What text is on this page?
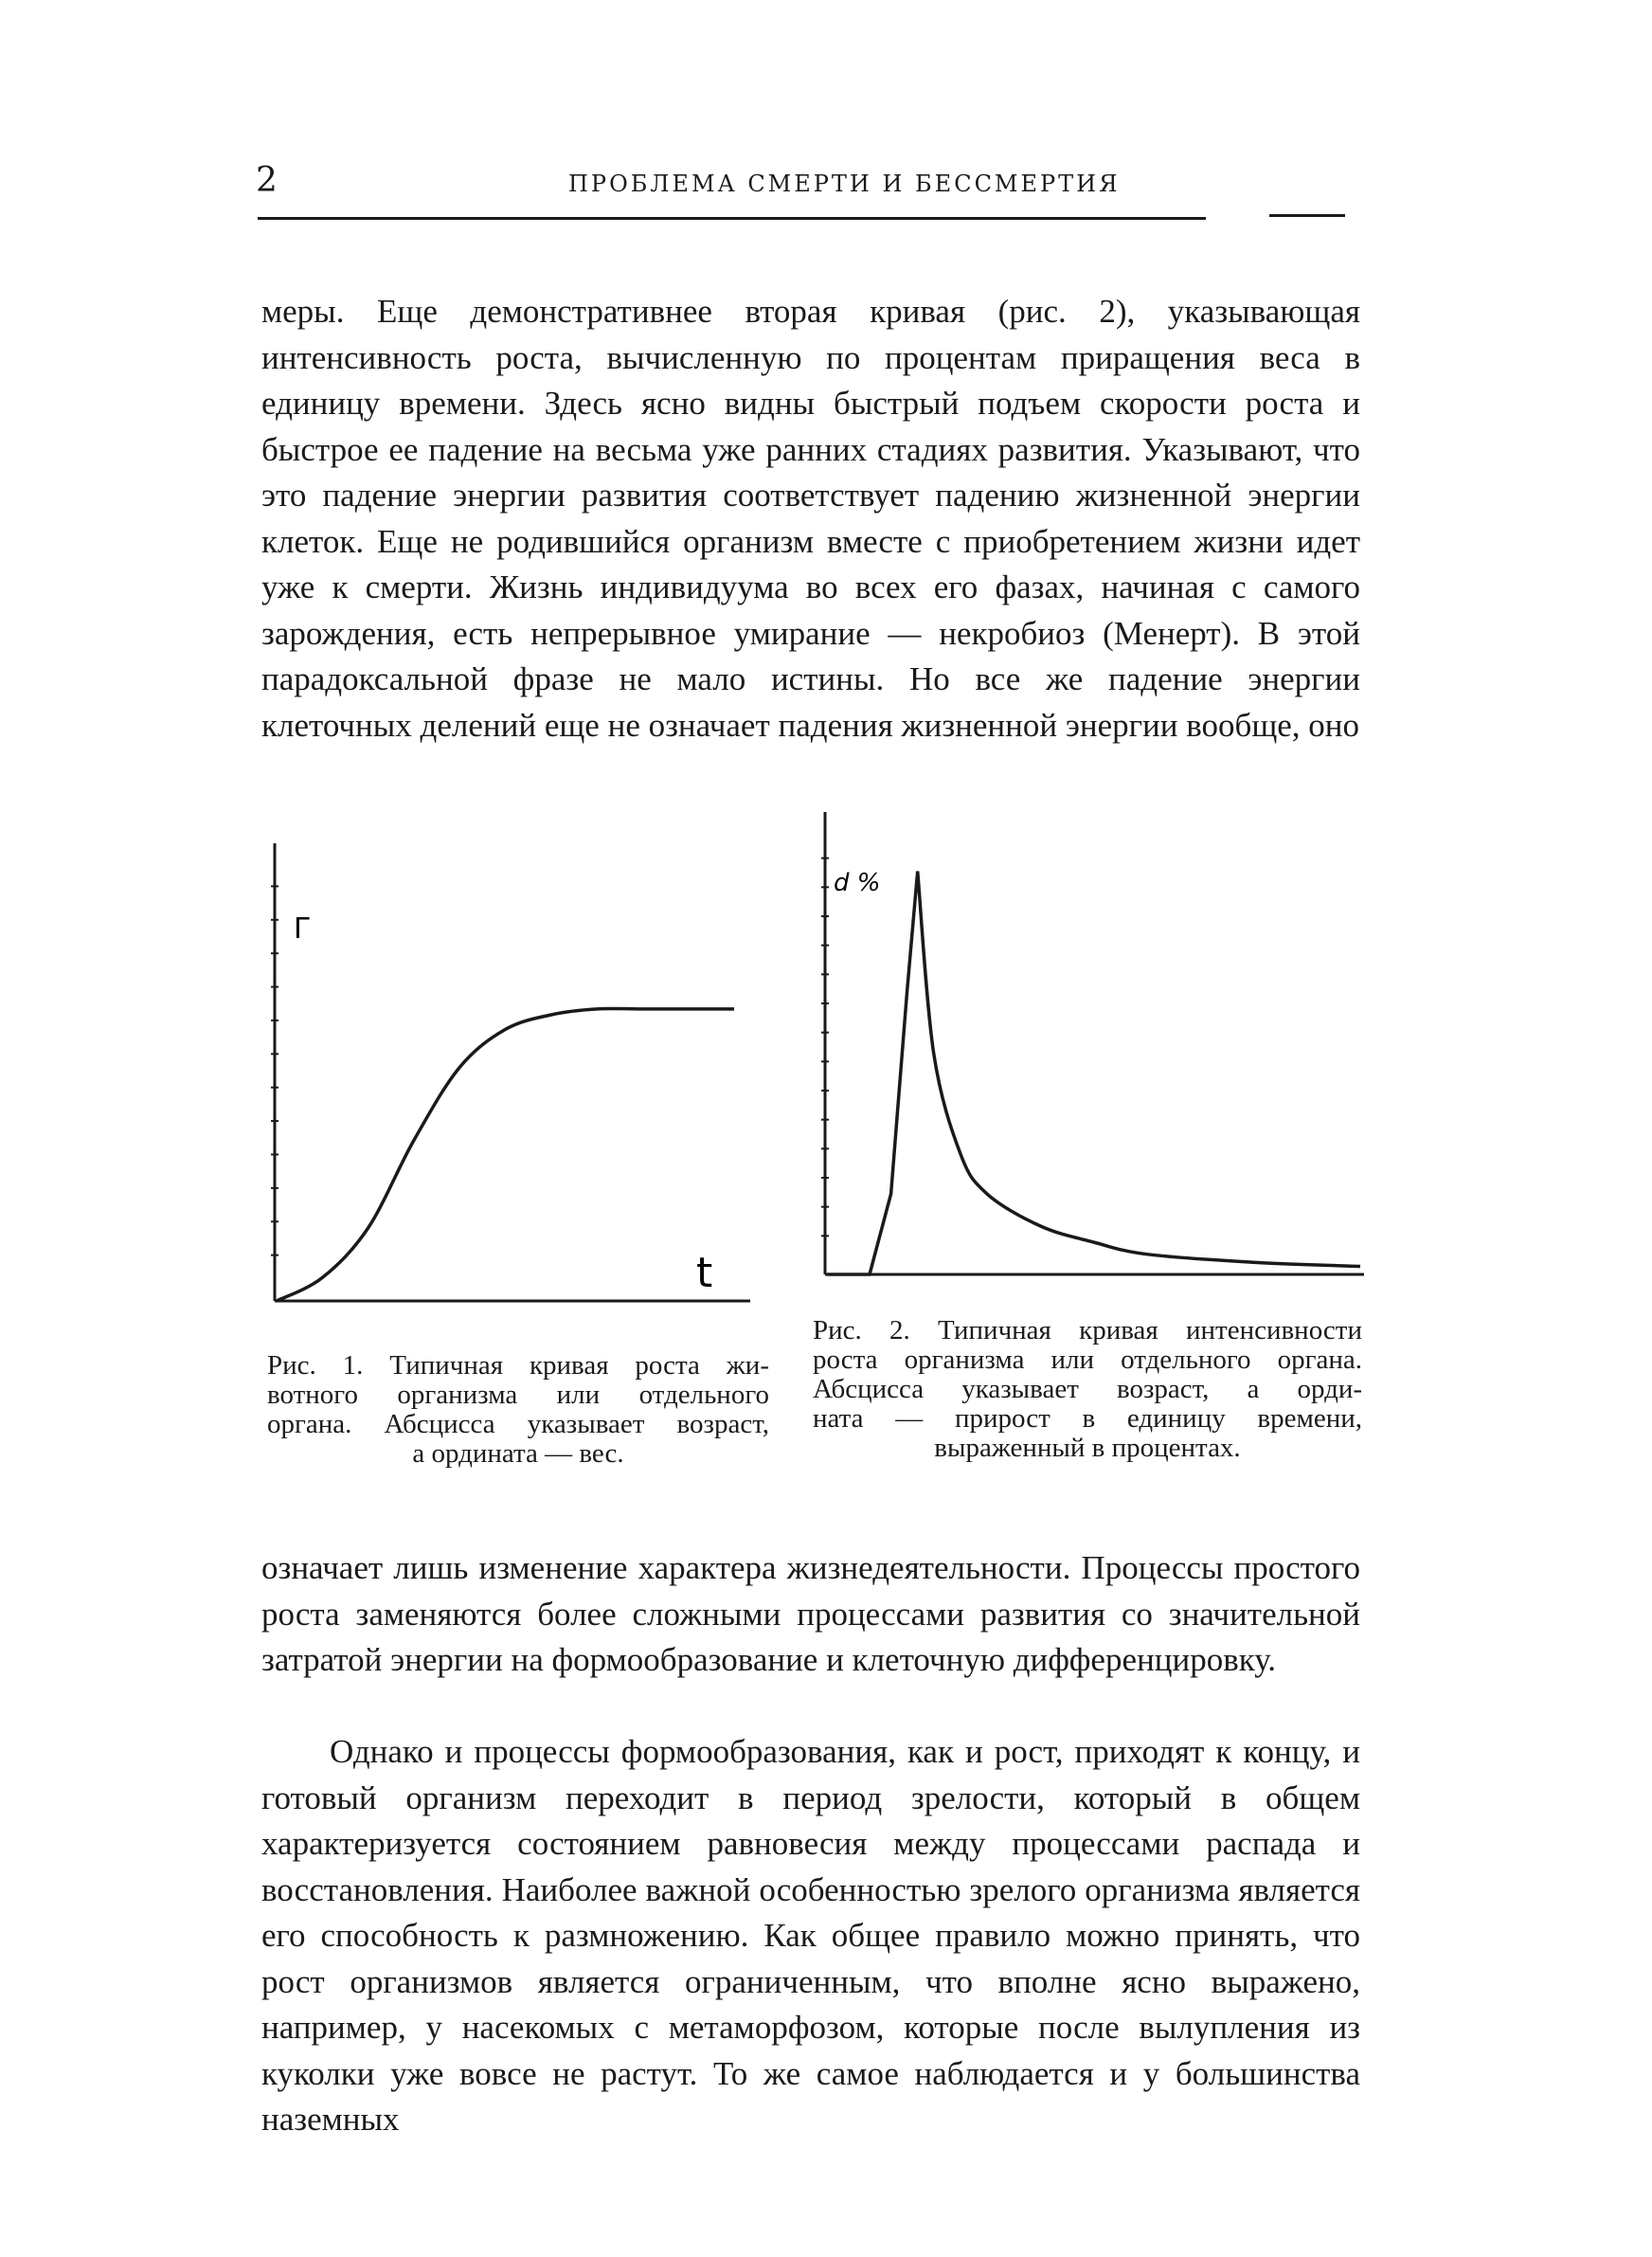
2	ПРОБЛЕМА СМЕРТИ И БЕССМЕРТИЯ

меры. Еще демонстративнее вторая кривая (рис. 2), указывающая интенсивность роста, вычисленную по процентам приращения веса в единицу времени. Здесь ясно видны быстрый подъем скорости роста и быстрое ее падение на весьма уже ранних стадиях развития. Указывают, что это падение энергии развития соответствует падению жизненной энергии клеток. Еще не родившийся организм вместе с приобретением жизни идет уже к смерти. Жизнь индивидуума во всех его фазах, начиная с самого зарождения, есть непрерывное умирание — некробиоз (Менерт). В этой парадоксальной фразе не мало истины. Но все же падение энергии клеточных делений еще не означает падения жизненной энергии вообще, оно

Г
t
d %
Рис. 1. Типичная кривая роста жи-
вотного организма или отдельного
органа. Абсцисса указывает возраст,
а ордината — вес.
Рис. 2. Типичная кривая интенсивности
роста организма или отдельного органа.
Абсцисса указывает возраст, а орди-
ната — прирост в единицу времени,
выраженный в процентах.

означает лишь изменение характера жизнедеятельности. Процессы простого роста заменяются более сложными процессами развития со значительной затратой энергии на формообразование и клеточную дифференцировку.

Однако и процессы формообразования, как и рост, приходят к концу, и готовый организм переходит в период зрелости, который в общем характеризуется состоянием равновесия между процессами распада и восстановления. Наиболее важной особенностью зрелого организма является его способность к размножению. Как общее правило можно принять, что рост организмов является ограниченным, что вполне ясно выражено, например, у насекомых с метаморфозом, которые после вылупления из куколки уже вовсе не растут. То же самое наблюдается и у большинства наземных
